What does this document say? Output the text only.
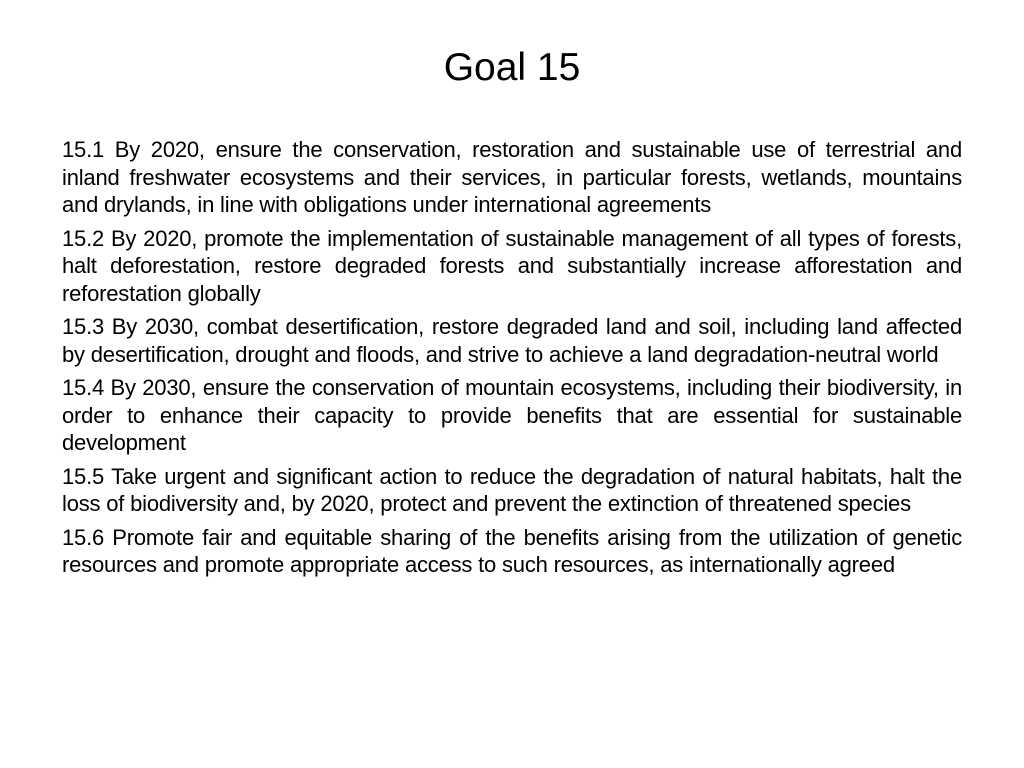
Goal 15
15.1 By 2020, ensure the conservation, restoration and sustainable use of terrestrial and inland freshwater ecosystems and their services, in particular forests, wetlands, mountains and drylands, in line with obligations under international agreements
15.2 By 2020, promote the implementation of sustainable management of all types of forests, halt deforestation, restore degraded forests and substantially increase afforestation and reforestation globally
15.3 By 2030, combat desertification, restore degraded land and soil, including land affected by desertification, drought and floods, and strive to achieve a land degradation-neutral world
15.4 By 2030, ensure the conservation of mountain ecosystems, including their biodiversity, in order to enhance their capacity to provide benefits that are essential for sustainable development
15.5 Take urgent and significant action to reduce the degradation of natural habitats, halt the loss of biodiversity and, by 2020, protect and prevent the extinction of threatened species
15.6 Promote fair and equitable sharing of the benefits arising from the utilization of genetic resources and promote appropriate access to such resources, as internationally agreed
